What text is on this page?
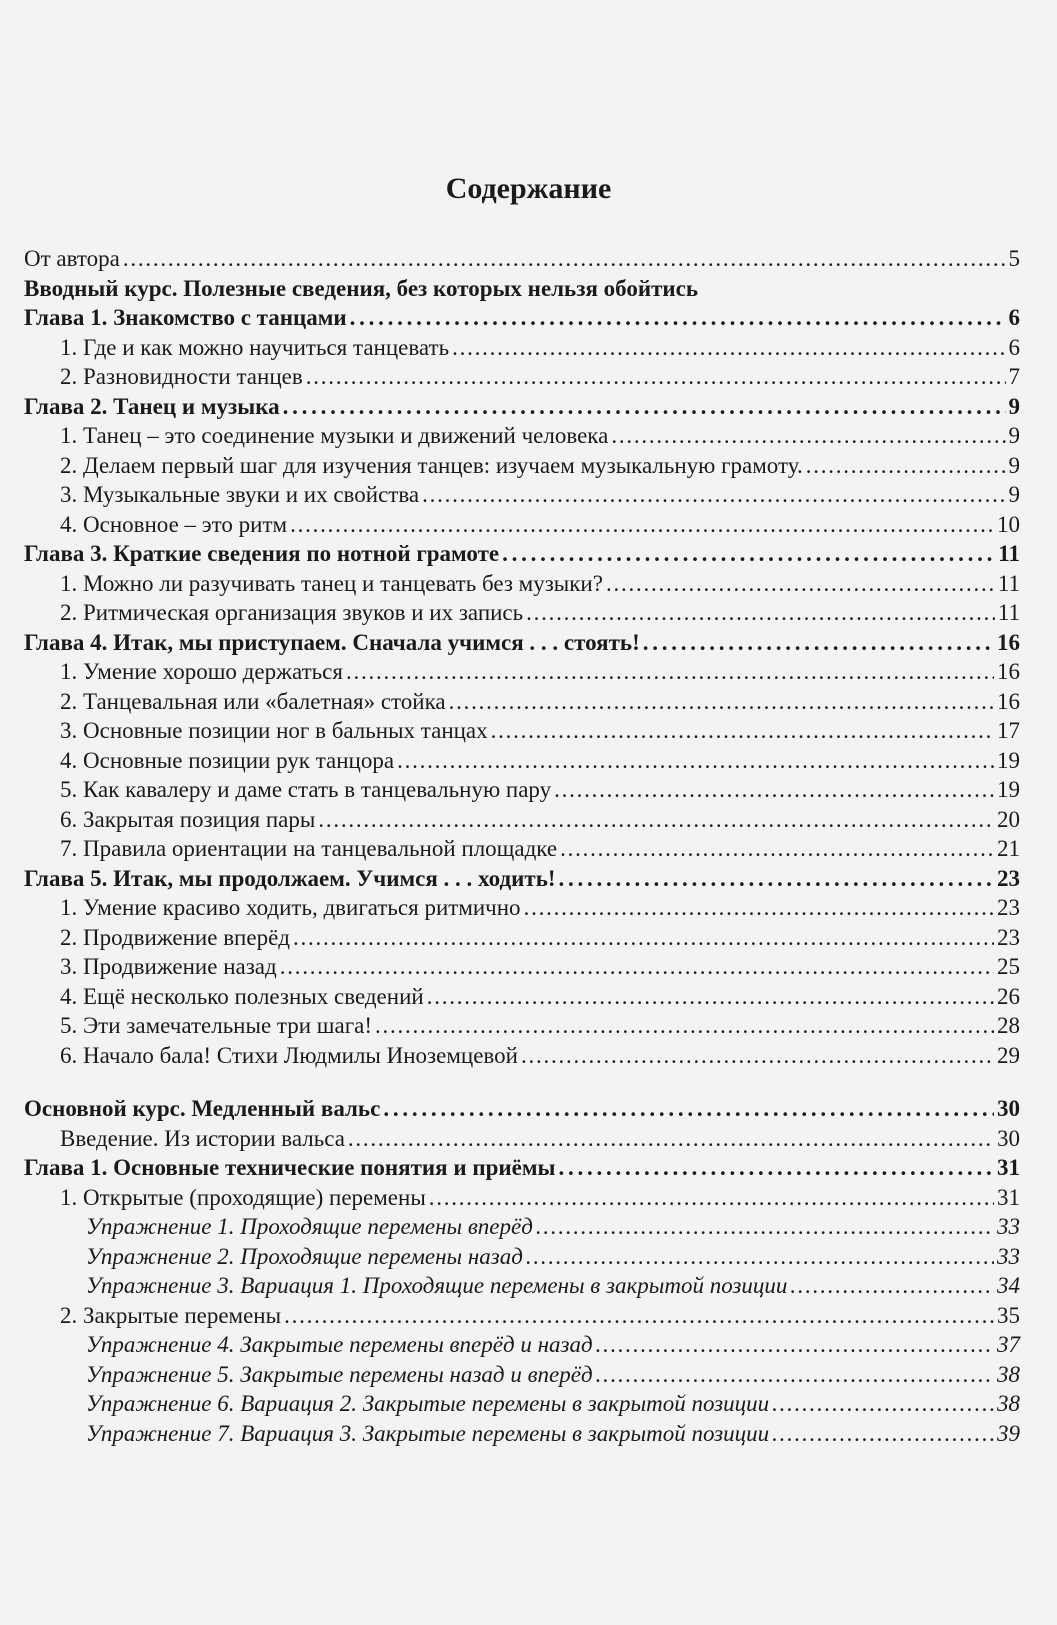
Содержание
От автора . . .	5
Вводный курс. Полезные сведения, без которых нельзя обойтись
Глава 1. Знакомство с танцами . . .	6
1. Где и как можно научиться танцевать . . .	6
2. Разновидности танцев . . .	7
Глава 2. Танец и музыка . . .	9
1. Танец – это соединение музыки и движений человека . . .	9
2. Делаем первый шаг для изучения танцев: изучаем музыкальную грамоту. . . .	9
3. Музыкальные звуки и их свойства . . .	9
4. Основное – это ритм . . .	10
Глава 3. Краткие сведения по нотной грамоте . . .	11
1. Можно ли разучивать танец и танцевать без музыки? . . .	11
2. Ритмическая организация звуков и их запись . . .	11
Глава 4. Итак, мы приступаем. Сначала учимся . . . стоять! . . .	16
1. Умение хорошо держаться . . .	16
2. Танцевальная или «балетная» стойка . . .	16
3. Основные позиции ног в бальных танцах . . .	17
4. Основные позиции рук танцора . . .	19
5. Как кавалеру и даме стать в танцевальную пару . . .	19
6. Закрытая позиция пары . . .	20
7. Правила ориентации на танцевальной площадке . . .	21
Глава 5. Итак, мы продолжаем. Учимся . . . ходить! . . .	23
1. Умение красиво ходить, двигаться ритмично . . .	23
2. Продвижение вперёд . . .	23
3. Продвижение назад . . .	25
4. Ещё несколько полезных сведений . . .	26
5. Эти замечательные три шага! . . .	28
6. Начало бала! Стихи Людмилы Иноземцевой . . .	29
Основной курс. Медленный вальс . . .	30
Введение. Из истории вальса . . .	30
Глава 1. Основные технические понятия и приёмы . . .	31
1. Открытые (проходящие) перемены . . .	31
Упражнение 1. Проходящие перемены вперёд . . .	33
Упражнение 2. Проходящие перемены назад . . .	33
Упражнение 3. Вариация 1. Проходящие перемены в закрытой позиции . . .	34
2. Закрытые перемены . . .	35
Упражнение 4. Закрытые перемены вперёд и назад . . .	37
Упражнение 5. Закрытые перемены назад и вперёд . . .	38
Упражнение 6. Вариация 2. Закрытые перемены в закрытой позиции . . .	38
Упражнение 7. Вариация 3. Закрытые перемены в закрытой позиции . . .	39
